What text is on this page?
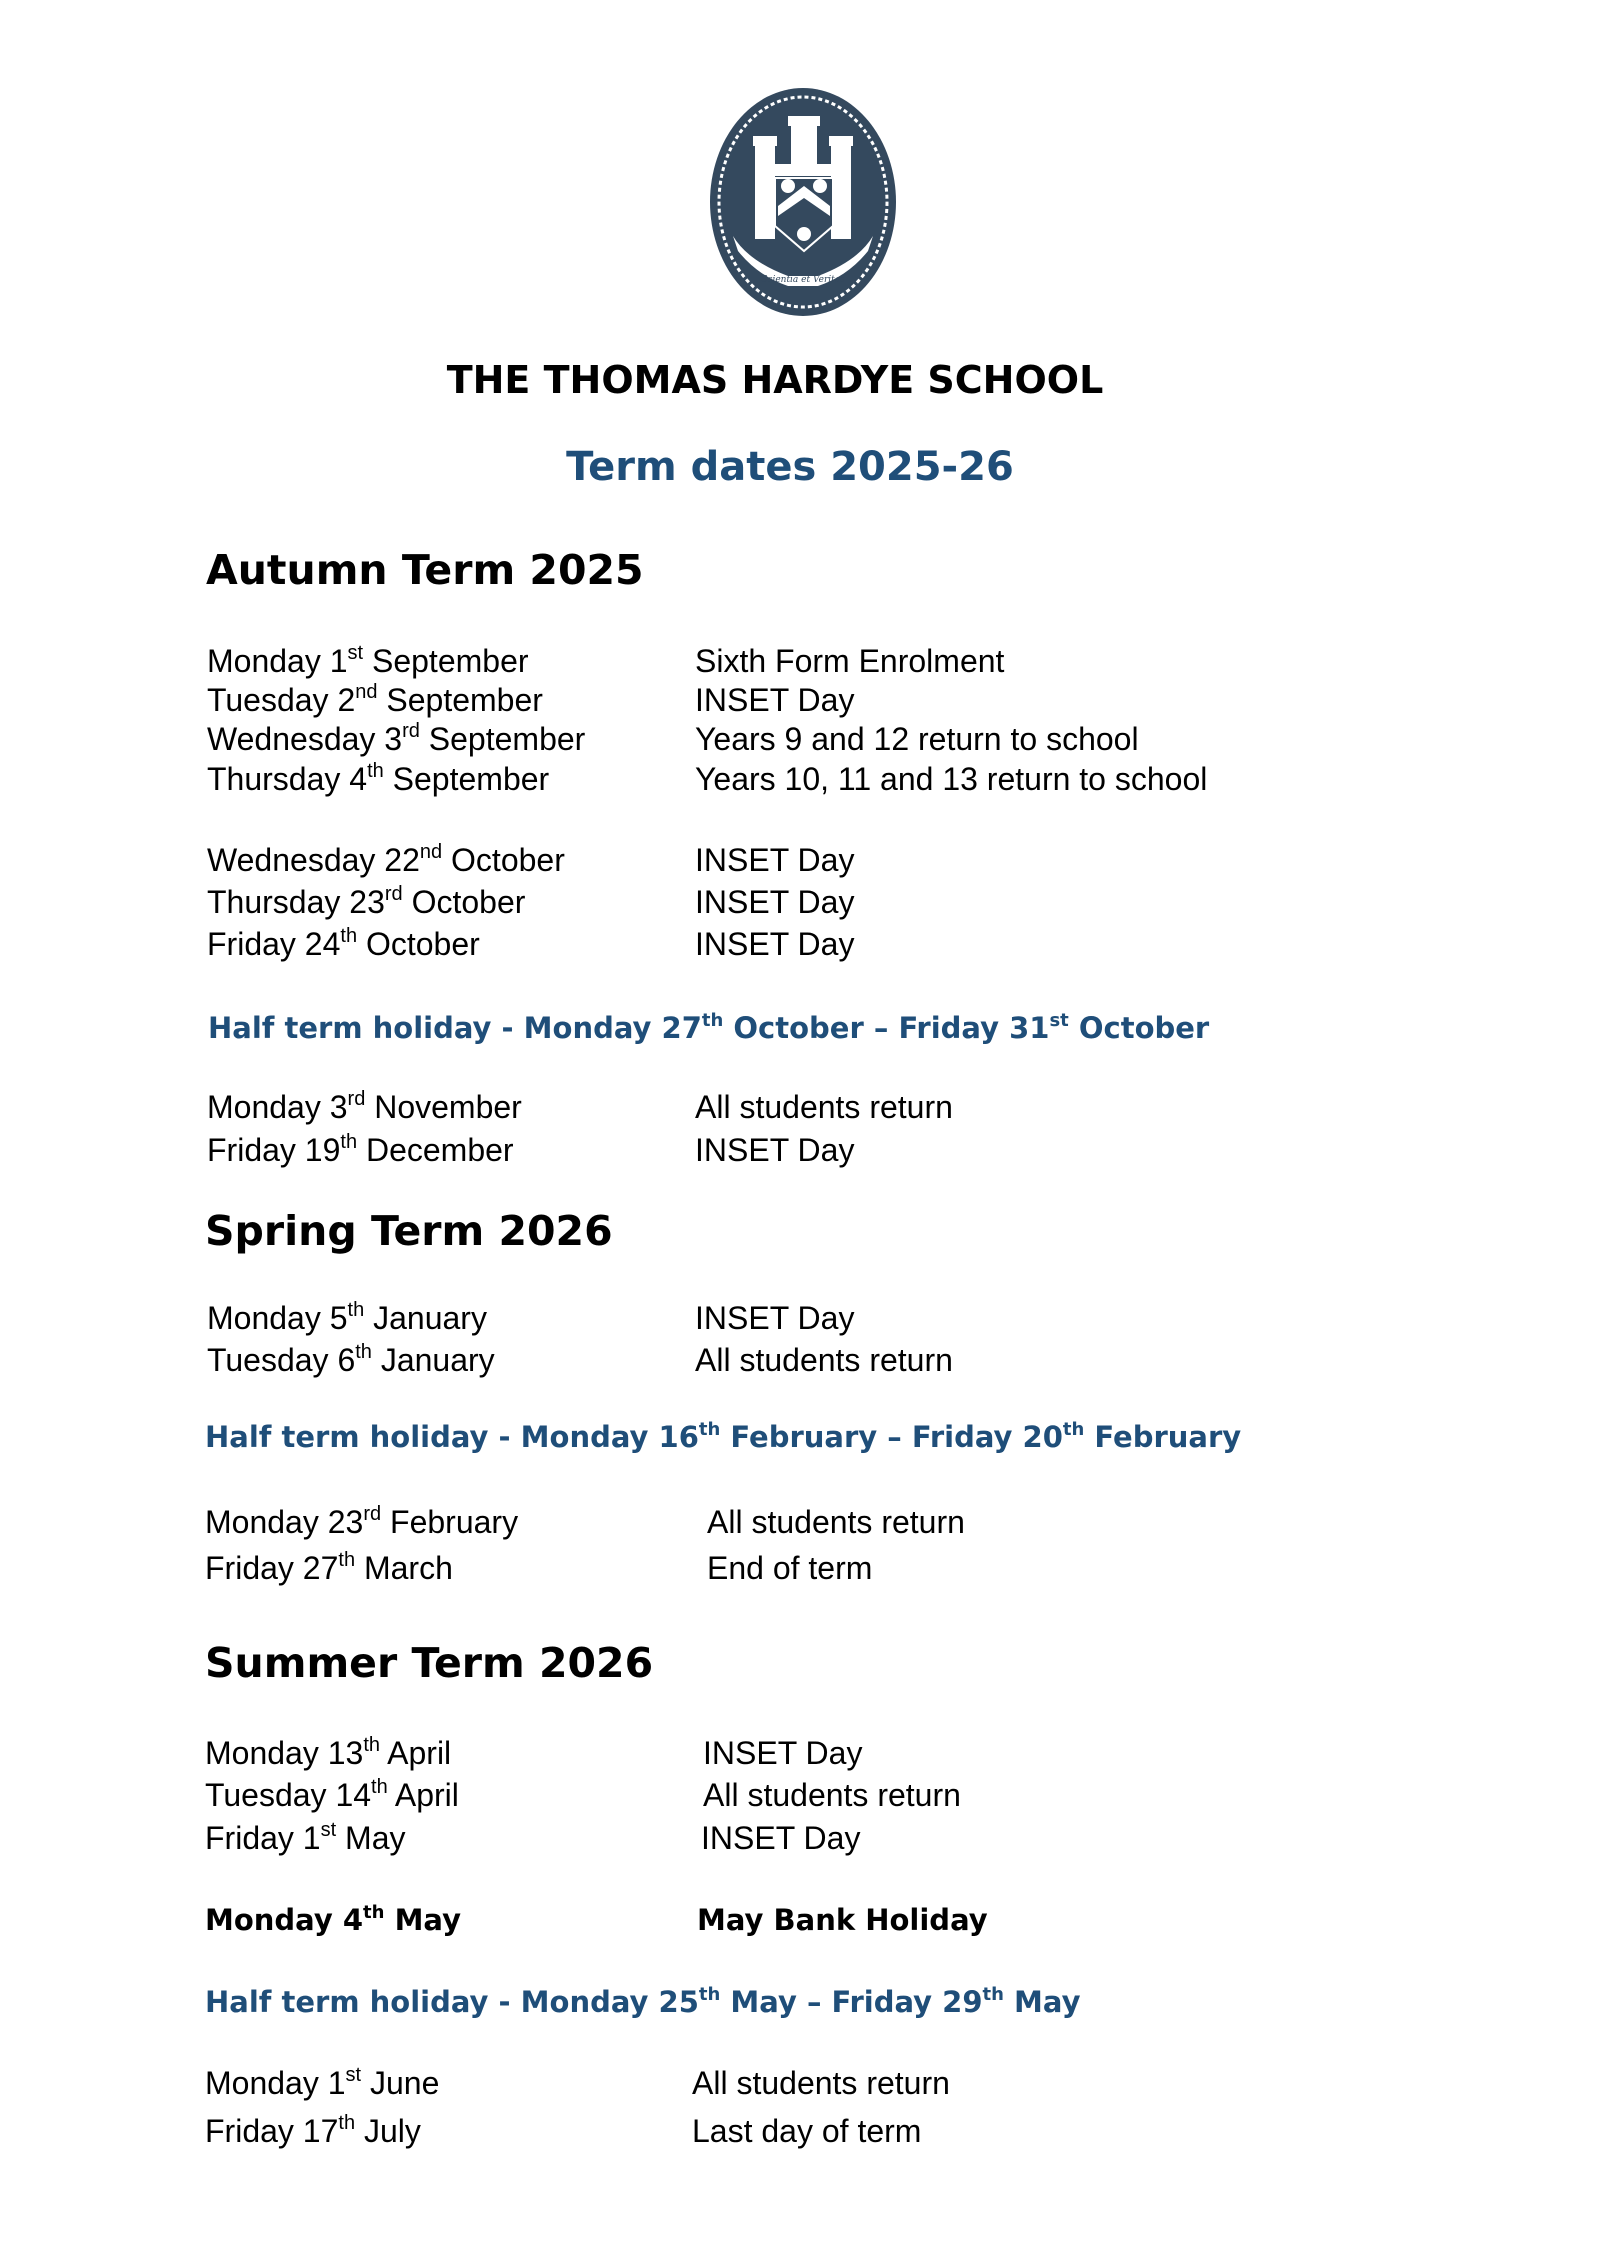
Scientia et Veritas
THE THOMAS HARDYE SCHOOL
Term dates 2025-26
Autumn Term 2025
Monday 1st September	Sixth Form Enrolment
Tuesday 2nd September	INSET Day
Wednesday 3rd September	Years 9 and 12 return to school
Thursday 4th September	Years 10, 11 and 13 return to school
Wednesday 22nd October	INSET Day
Thursday 23rd October	INSET Day
Friday 24th October	INSET Day
Half term holiday - Monday 27th October – Friday 31st October
Monday 3rd November	All students return
Friday 19th December	INSET Day
Spring Term 2026
Monday 5th January	INSET Day
Tuesday 6th January	All students return
Half term holiday - Monday 16th February – Friday 20th February
Monday 23rd February	All students return
Friday 27th March	End of term
Summer Term 2026
Monday 13th April	INSET Day
Tuesday 14th April	All students return
Friday 1st May	INSET Day
Monday 4th May	May Bank Holiday
Half term holiday - Monday 25th May – Friday 29th May
Monday 1st June	All students return
Friday 17th July	Last day of term
